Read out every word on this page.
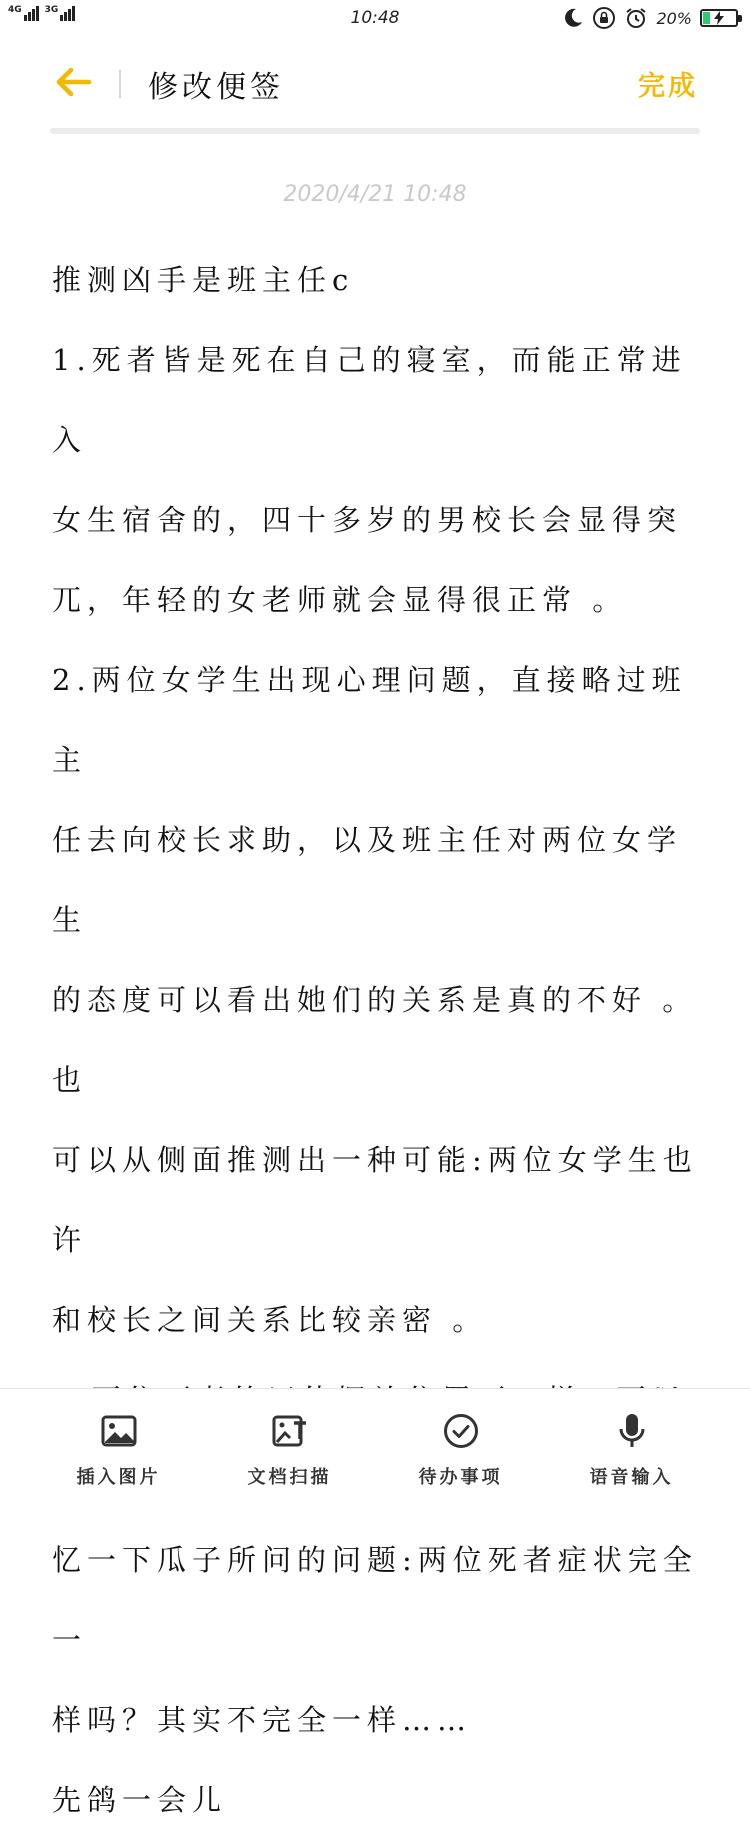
4G	3G	10:48	20%
修改便签	完成
2020/4/21 10:48

推测凶手是班主任c

1.死者皆是死在自己的寝室，而能正常进入

女生宿舍的，四十多岁的男校长会显得突

兀，年轻的女老师就会显得很正常 。

2.两位女学生出现心理问题，直接略过班主

任去向校长求助，以及班主任对两位女学生

的态度可以看出她们的关系是真的不好 。也

可以从侧面推测出一种可能:两位女学生也许

和校长之间关系比较亲密 。

忆一下瓜子所问的问题:两位死者症状完全一

样吗？其实不完全一样……

先鸽一会儿

插入图片	文档扫描	待办事项	语音输入
